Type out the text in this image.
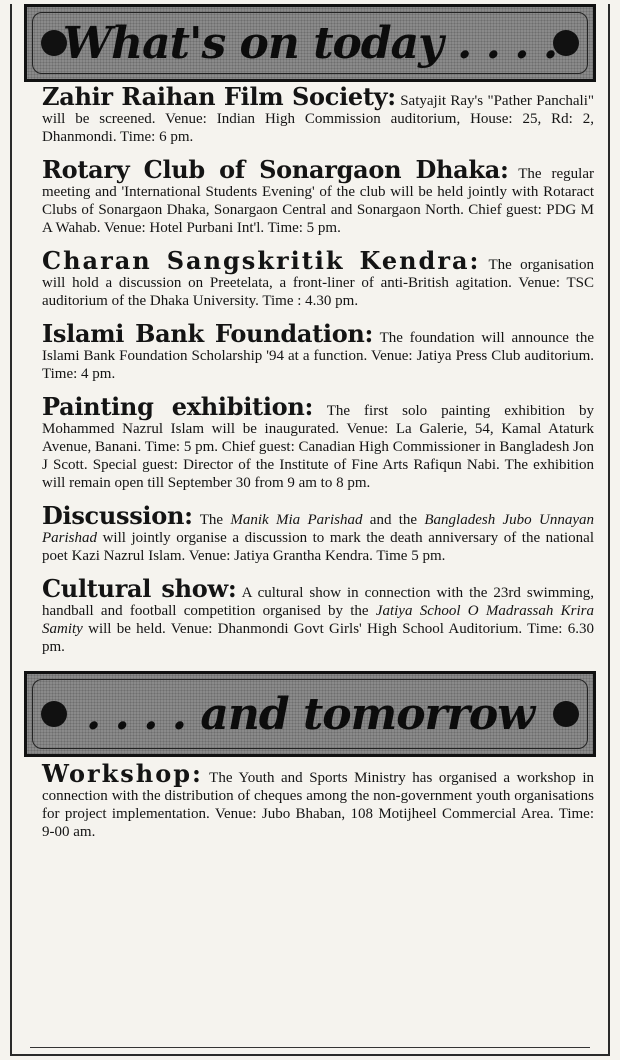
What's on today . . . .

Zahir Raihan Film Society: Satyajit Ray's "Pather Panchali" will be screened. Venue: Indian High Commission auditorium, House: 25, Rd: 2, Dhanmondi. Time: 6 pm.

Rotary Club of Sonargaon Dhaka: The regular meeting and 'International Students Evening' of the club will be held jointly with Rotaract Clubs of Sonargaon Dhaka, Sonargaon Central and Sonargaon North. Chief guest: PDG M A Wahab. Venue: Hotel Purbani Int'l. Time: 5 pm.

Charan Sangskritik Kendra: The organisation will hold a discussion on Preetelata, a front-liner of anti-British agitation. Venue: TSC auditorium of the Dhaka University. Time : 4.30 pm.

Islami Bank Foundation: The foundation will announce the Islami Bank Foundation Scholarship '94 at a function. Venue: Jatiya Press Club auditorium. Time: 4 pm.

Painting exhibition: The first solo painting exhibition by Mohammed Nazrul Islam will be inaugurated. Venue: La Galerie, 54, Kamal Ataturk Avenue, Banani. Time: 5 pm. Chief guest: Canadian High Commissioner in Bangladesh Jon J Scott. Special guest: Director of the Institute of Fine Arts Rafiqun Nabi. The exhibition will remain open till September 30 from 9 am to 8 pm.

Discussion: The Manik Mia Parishad and the Bangladesh Jubo Unnayan Parishad will jointly organise a discussion to mark the death anniversary of the national poet Kazi Nazrul Islam. Venue: Jatiya Grantha Kendra. Time 5 pm.

Cultural show: A cultural show in connection with the 23rd swimming, handball and football competition organised by the Jatiya School O Madrassah Krira Samity will be held. Venue: Dhanmondi Govt Girls' High School Auditorium. Time: 6.30 pm.

. . . . and tomorrow

Workshop: The Youth and Sports Ministry has organised a workshop in connection with the distribution of cheques among the non-government youth organisations for project implementation. Venue: Jubo Bhaban, 108 Motijheel Commercial Area. Time: 9-00 am.
